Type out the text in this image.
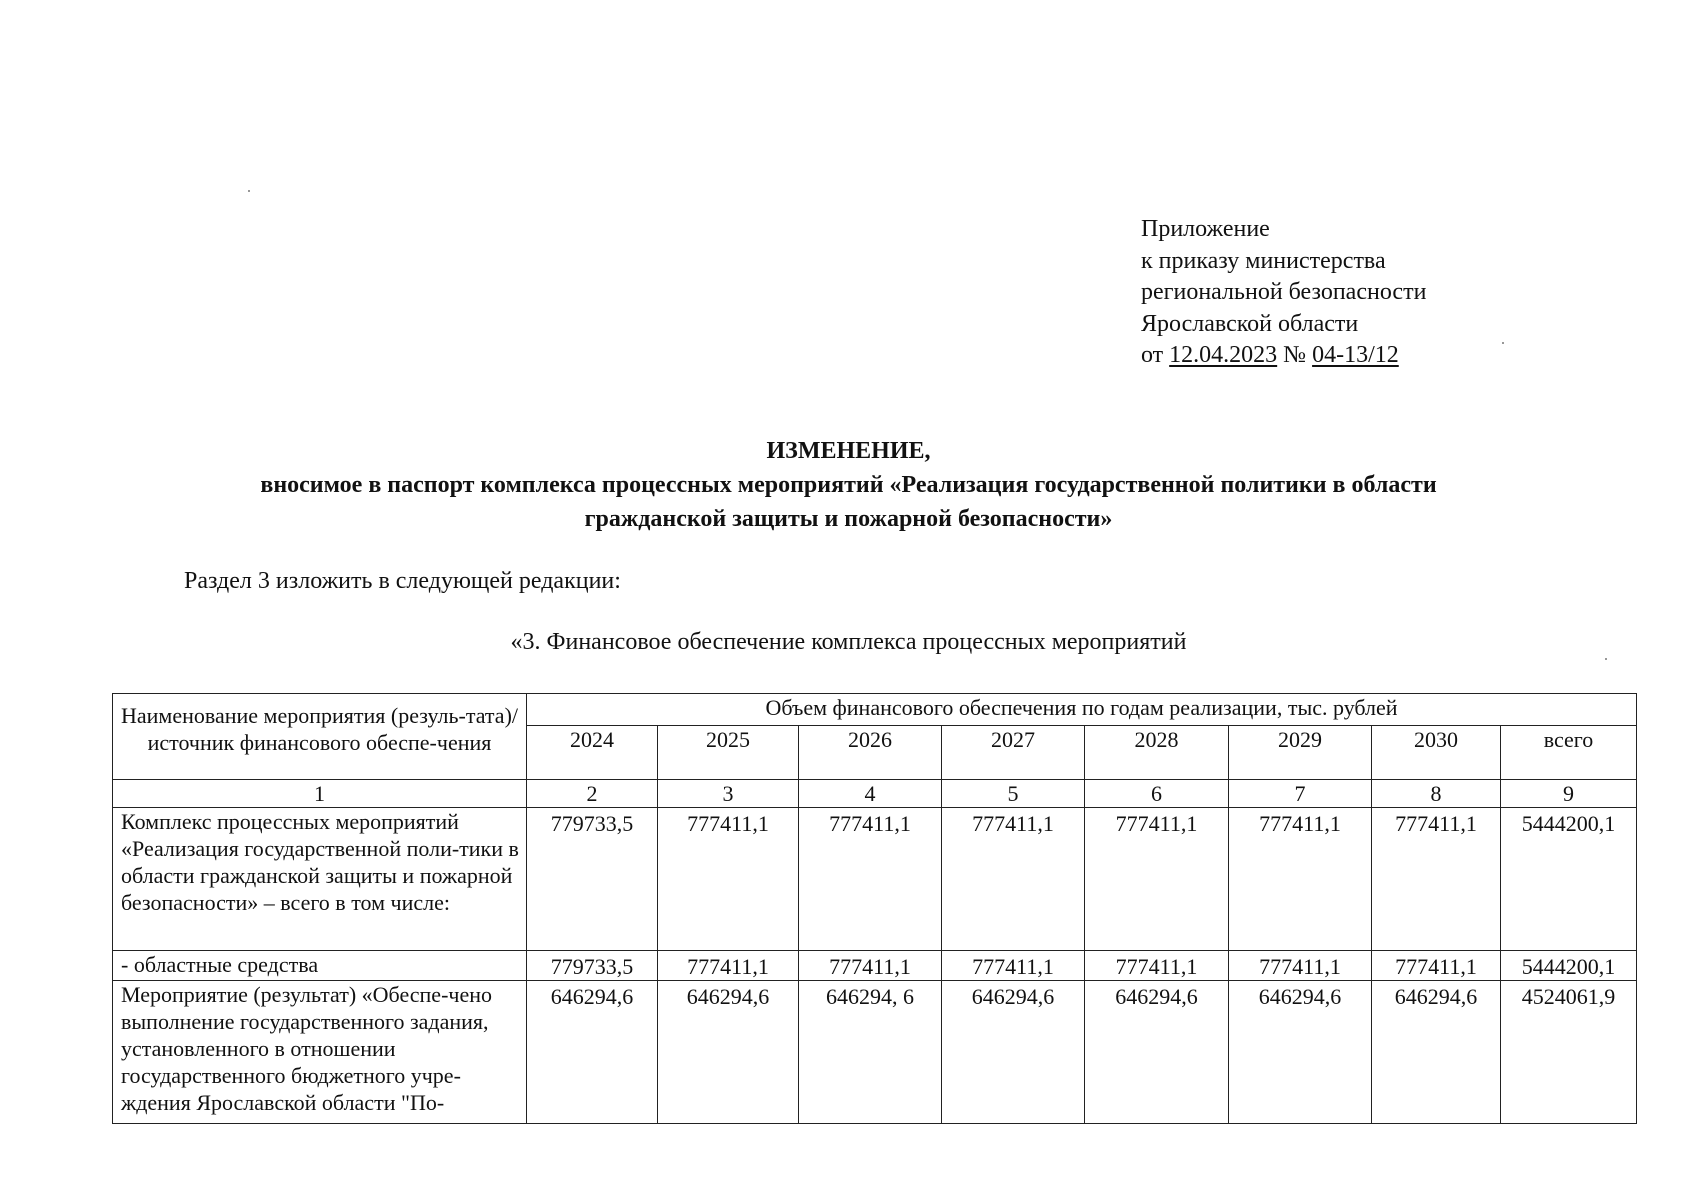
Приложение
к приказу министерства
региональной безопасности
Ярославской области
от 12.04.2023 № 04-13/12
ИЗМЕНЕНИЕ,
вносимое в паспорт комплекса процессных мероприятий «Реализация государственной политики в области
гражданской защиты и пожарной безопасности»
Раздел 3 изложить в следующей редакции:
«3. Финансовое обеспечение комплекса процессных мероприятий
Наименование мероприятия (резуль-тата)/ источник финансового обеспе-чения	Объем финансового обеспечения по годам реализации, тыс. рублей							
	2024	2025	2026	2027	2028	2029	2030	всего
1	2	3	4	5	6	7	8	9
Комплекс процессных мероприятий «Реализация государственной поли-тики в области гражданской защиты и пожарной безопасности» – всего в том числе:	779733,5	777411,1	777411,1	777411,1	777411,1	777411,1	777411,1	5444200,1
- областные средства	779733,5	777411,1	777411,1	777411,1	777411,1	777411,1	777411,1	5444200,1
Мероприятие (результат) «Обеспе-чено выполнение государственного задания, установленного в отношении государственного бюджетного учре-ждения Ярославской области "По-	646294,6	646294,6	646294, 6	646294,6	646294,6	646294,6	646294,6	4524061,9
